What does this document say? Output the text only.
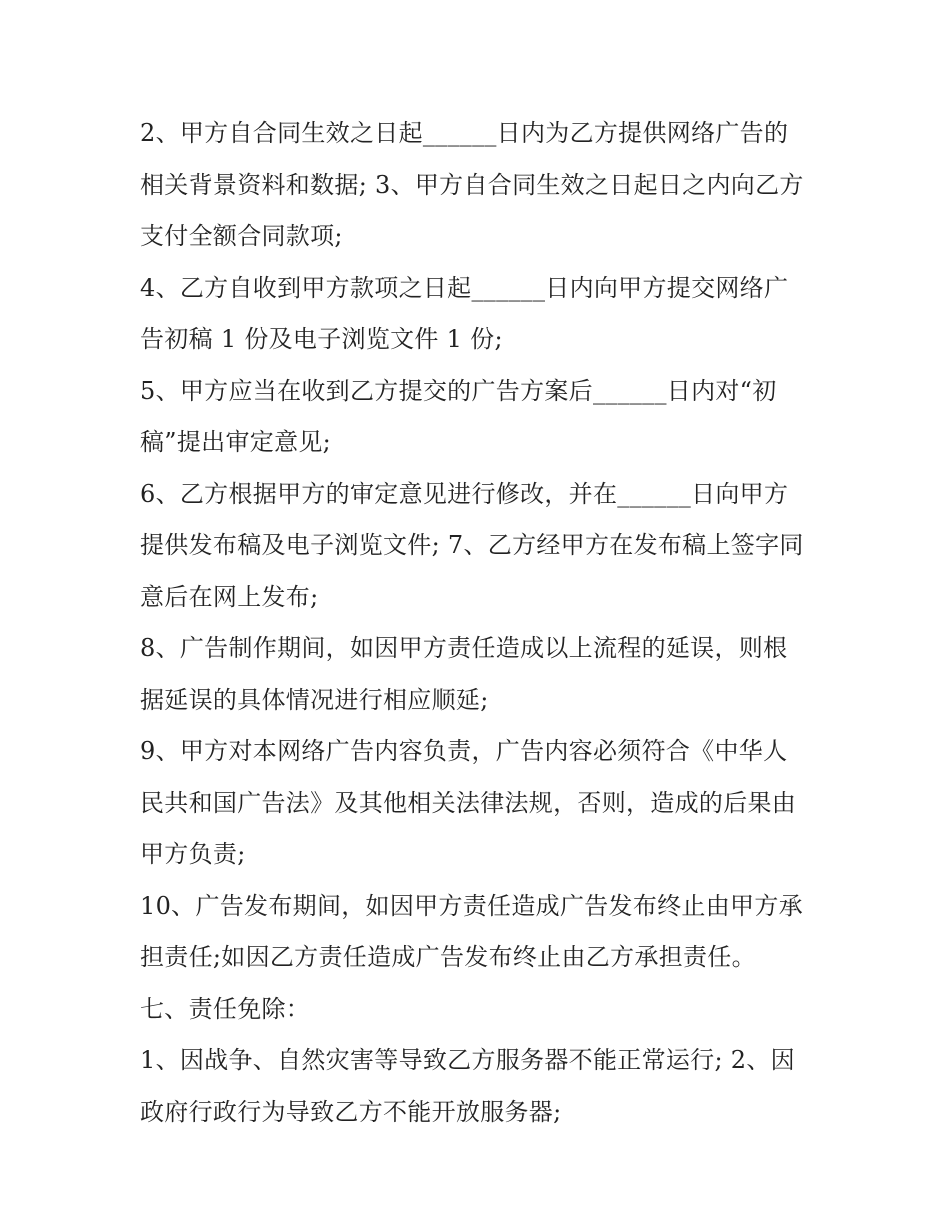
2、甲方自合同生效之日起______日内为乙方提供网络广告的
相关背景资料和数据; 3、甲方自合同生效之日起日之内向乙方
支付全额合同款项;
4、乙方自收到甲方款项之日起______日内向甲方提交网络广
告初稿 1 份及电子浏览文件 1 份;
5、甲方应当在收到乙方提交的广告方案后______日内对“初
稿”提出审定意见;
6、乙方根据甲方的审定意见进行修改，并在______日向甲方
提供发布稿及电子浏览文件; 7、乙方经甲方在发布稿上签字同
意后在网上发布;
8、广告制作期间，如因甲方责任造成以上流程的延误，则根
据延误的具体情况进行相应顺延;
9、甲方对本网络广告内容负责，广告内容必须符合《中华人
民共和国广告法》及其他相关法律法规，否则，造成的后果由
甲方负责;
10、广告发布期间，如因甲方责任造成广告发布终止由甲方承
担责任;如因乙方责任造成广告发布终止由乙方承担责任。
七、责任免除：
1、因战争、自然灾害等导致乙方服务器不能正常运行; 2、因
政府行政行为导致乙方不能开放服务器;
